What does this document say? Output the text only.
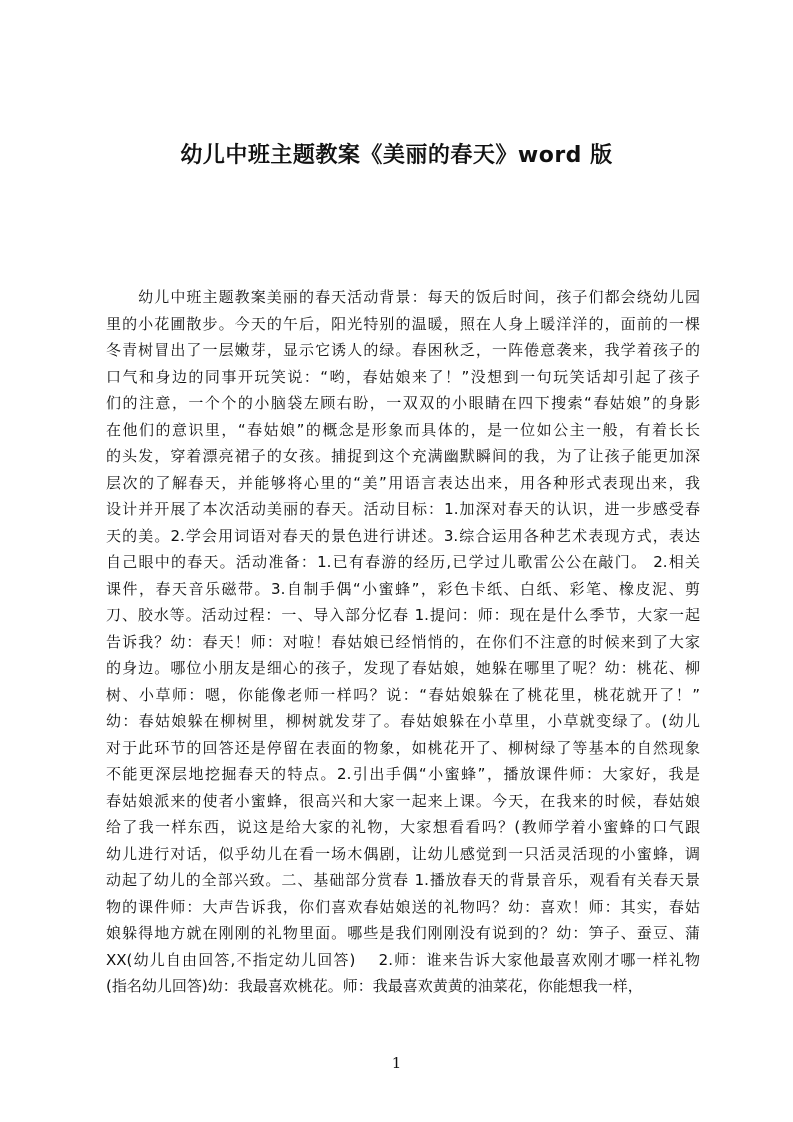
幼儿中班主题教案《美丽的春天》word 版
　　幼儿中班主题教案美丽的春天活动背景：每天的饭后时间，孩子们都会绕幼儿园
里的小花圃散步。今天的午后，阳光特别的温暖，照在人身上暖洋洋的，面前的一棵
冬青树冒出了一层嫩芽，显示它诱人的绿。春困秋乏，一阵倦意袭来，我学着孩子的
口气和身边的同事开玩笑说：“哟，春姑娘来了！”没想到一句玩笑话却引起了孩子
们的注意，一个个的小脑袋左顾右盼，一双双的小眼睛在四下搜索“春姑娘”的身影
在他们的意识里，“春姑娘”的概念是形象而具体的，是一位如公主一般，有着长长
的头发，穿着漂亮裙子的女孩。捕捉到这个充满幽默瞬间的我，为了让孩子能更加深
层次的了解春天，并能够将心里的“美”用语言表达出来，用各种形式表现出来，我
设计并开展了本次活动美丽的春天。活动目标：1.加深对春天的认识，进一步感受春
天的美。2.学会用词语对春天的景色进行讲述。3.综合运用各种艺术表现方式，表达
自己眼中的春天。活动准备：1.已有春游的经历,已学过儿歌雷公公在敲门。 2.相关
课件，春天音乐磁带。3.自制手偶“小蜜蜂”，彩色卡纸、白纸、彩笔、橡皮泥、剪
刀、胶水等。活动过程：一、导入部分忆春 1.提问：师：现在是什么季节，大家一起
告诉我？幼：春天！师：对啦！春姑娘已经悄悄的，在你们不注意的时候来到了大家
的身边。哪位小朋友是细心的孩子，发现了春姑娘，她躲在哪里了呢？幼：桃花、柳
树、小草师：嗯，你能像老师一样吗？说：“春姑娘躲在了桃花里，桃花就开了！”
幼：春姑娘躲在柳树里，柳树就发芽了。春姑娘躲在小草里，小草就变绿了。(幼儿
对于此环节的回答还是停留在表面的物象，如桃花开了、柳树绿了等基本的自然现象
不能更深层地挖掘春天的特点。2.引出手偶“小蜜蜂”，播放课件师：大家好，我是
春姑娘派来的使者小蜜蜂，很高兴和大家一起来上课。今天，在我来的时候，春姑娘
给了我一样东西，说这是给大家的礼物，大家想看看吗？(教师学着小蜜蜂的口气跟
幼儿进行对话，似乎幼儿在看一场木偶剧，让幼儿感觉到一只活灵活现的小蜜蜂，调
动起了幼儿的全部兴致。二、基础部分赏春 1.播放春天的背景音乐，观看有关春天景
物的课件师：大声告诉我，你们喜欢春姑娘送的礼物吗？幼：喜欢！师：其实，春姑
娘躲得地方就在刚刚的礼物里面。哪些是我们刚刚没有说到的？幼：笋子、蚕豆、蒲
XX(幼儿自由回答,不指定幼儿回答)　 2.师：谁来告诉大家他最喜欢刚才哪一样礼物
(指名幼儿回答)幼：我最喜欢桃花。师：我最喜欢黄黄的油菜花，你能想我一样，
1
